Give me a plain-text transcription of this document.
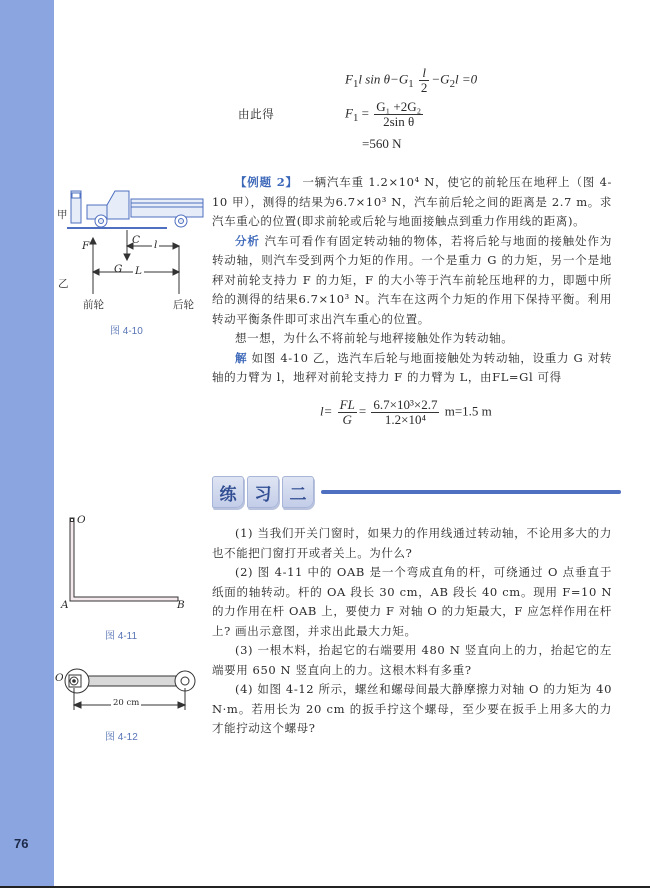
76
$F_1l$ $\sin \theta-G_1 \frac{l}{2} -G_2l =0$
由此得	$F_1 = \frac{\text{G₁ +2G₂}}{\text{2sin θ}}$
=560 N
【例题 2】 一辆汽车重 1.2×10⁴ N，使它的前轮压在地秤上（图 4-10 甲），测得的结果为6.7×10³ N，汽车前后轮之间的距离是 2.7 m。求汽车重心的位置(即求前轮或后轮与地面接触点到重力作用线的距离)。
分析 汽车可看作有固定转动轴的物体，若将后轮与地面的接触处作为转动轴，则汽车受到两个力矩的作用。一个是重力 G 的力矩，另一个是地秤对前轮支持力 F 的力矩，F 的大小等于汽车前轮压地秤的力，即题中所给的测得的结果6.7×10³ N。汽车在这两个力矩的作用下保持平衡。利用转动平衡条件即可求出汽车重心的位置。
想一想，为什么不将前轮与地秤接触处作为转动轴。
解 如图 4-10 乙，选汽车后轮与地面接触处为转动轴，设重力 G 对转轴的力臂为 l，地秤对前轮支持力 F 的力臂为 L，由FL=Gl 可得
$l= \frac{FL}{G} = \frac{\text{6.7×10³×2.7}}{\text{1.2×10⁴}} m=1.5$ m
甲
F	C
G
l
L
乙
前轮	后轮
图 4-10
练	习	二
(1) 当我们开关门窗时，如果力的作用线通过转动轴，不论用多大的力也不能把门窗打开或者关上。为什么?
(2) 图 4-11 中的 OAB 是一个弯成直角的杆，可绕通过 O 点垂直于纸面的轴转动。杆的 OA 段长 30 cm，AB 段长 40 cm。现用 F=10 N 的力作用在杆 OAB 上，要使力 F 对轴 O 的力矩最大，F 应怎样作用在杆上? 画出示意图，并求出此最大力矩。
(3) 一根木料，抬起它的右端要用 480 N 竖直向上的力，抬起它的左端要用 650 N 竖直向上的力。这根木料有多重?
(4) 如图 4-12 所示，螺丝和螺母间最大静摩擦力对轴 O 的力矩为 40 N·m。若用长为 20 cm 的扳手拧这个螺母，至少要在扳手上用多大的力才能拧动这个螺母?
O
A	B
图 4-11
O
20 cm
图 4-12
